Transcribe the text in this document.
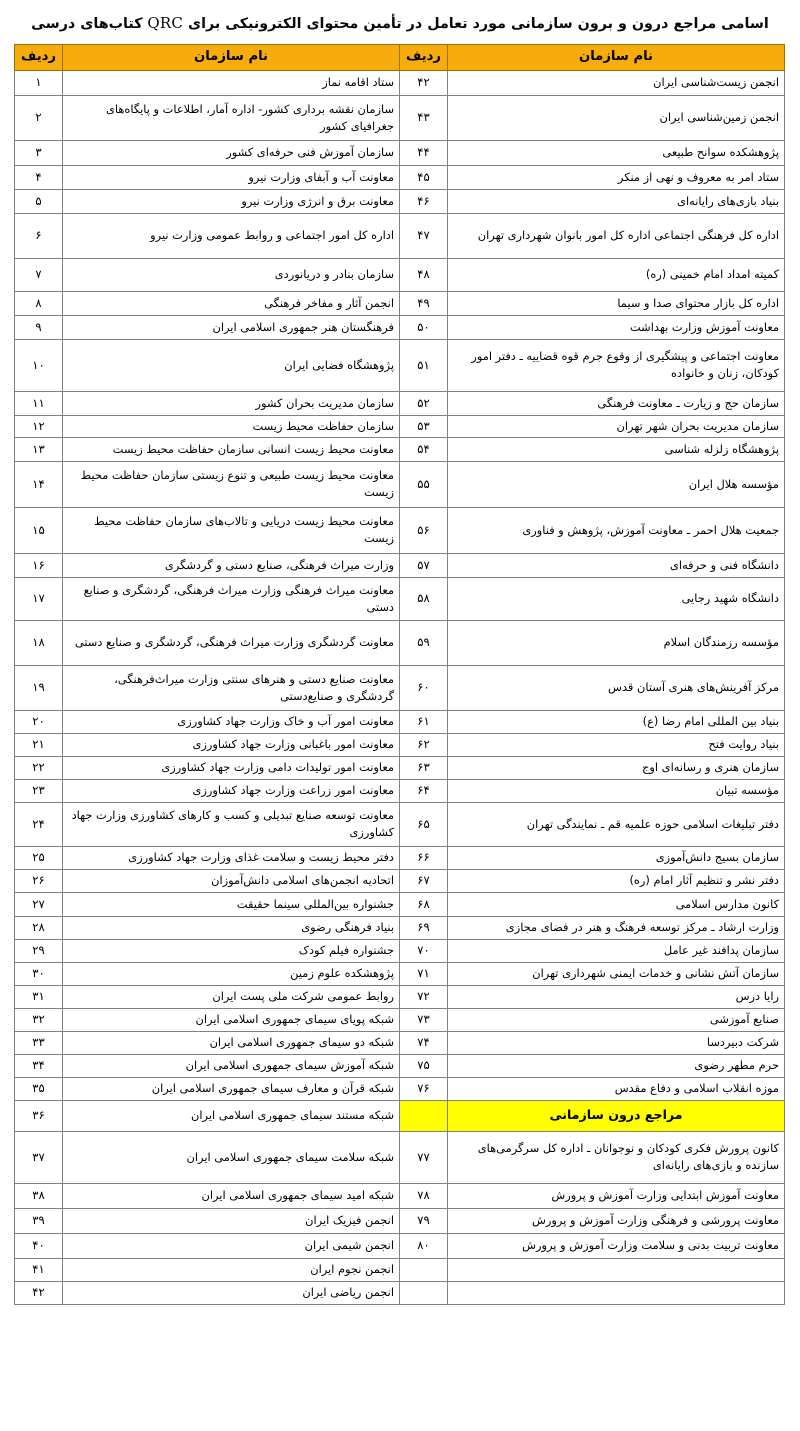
اسامی مراجع درون و برون سازمانی مورد تعامل در تأمین محتوای الکترونیکی برای QRC کتاب‌های درسی
نام سازمان	ردیف	نام سازمان	ردیف
انجمن زیست‌شناسی ایران	۴۲	ستاد اقامه نماز	۱
انجمن زمین‌شناسی ایران	۴۳	سازمان نقشه برداری کشور- اداره آمار، اطلاعات و پایگاه‌های جغرافیای کشور	۲
پژوهشکده سوانح طبیعی	۴۴	سازمان آموزش فنی حرفه‌ای کشور	۳
ستاد امر به معروف و نهی از منکر	۴۵	معاونت آب و آبفای وزارت نیرو	۴
بنیاد بازی‌های رایانه‌ای	۴۶	معاونت برق و انرژی وزارت نیرو	۵
اداره کل فرهنگی اجتماعی اداره کل امور بانوان شهرداری تهران	۴۷	اداره کل امور اجتماعی و روابط عمومی وزارت نیرو	۶
کمیته امداد امام خمینی (ره)	۴۸	سازمان بنادر و دریانوردی	۷
اداره کل بازار محتوای صدا و سیما	۴۹	انجمن آثار و مفاخر فرهنگی	۸
معاونت آموزش وزارت بهداشت	۵۰	فرهنگستان هنر جمهوری اسلامی ایران	۹
معاونت اجتماعی و پیشگیری از وقوع جرم قوه قضاییه ـ دفتر امور کودکان، زنان و خانواده	۵۱	پژوهشگاه فضایی ایران	۱۰
سازمان حج و زیارت ـ معاونت فرهنگی	۵۲	سازمان مدیریت بحران کشور	۱۱
سازمان مدیریت بحران شهر تهران	۵۳	سازمان حفاظت محیط زیست	۱۲
پژوهشگاه زلزله شناسی	۵۴	معاونت محیط زیست انسانی سازمان حفاظت محیط زیست	۱۳
مؤسسه هلال ایران	۵۵	معاونت محیط زیست طبیعی و تنوع زیستی سازمان حفاظت محیط زیست	۱۴
جمعیت هلال احمر ـ معاونت آموزش، پژوهش و فناوری	۵۶	معاونت محیط زیست دریایی و تالاب‌های سازمان حفاظت محیط زیست	۱۵
دانشگاه فنی و حرفه‌ای	۵۷	وزارت میراث فرهنگی، صنایع دستی و گردشگری	۱۶
دانشگاه شهید رجایی	۵۸	معاونت میراث فرهنگی وزارت میراث فرهنگی، گردشگری و صنایع دستی	۱۷
مؤسسه رزمندگان اسلام	۵۹	معاونت گردشگری وزارت میراث فرهنگی، گردشگری و صنایع دستی	۱۸
مرکز آفرینش‌های هنری آستان قدس	۶۰	معاونت صنایع دستی و هنرهای سنتی وزارت میراث‌فرهنگی، گردشگری و صنایع‌دستی	۱۹
بنیاد بین المللی امام رضا (ع)	۶۱	معاونت امور آب و خاک وزارت جهاد کشاورزی	۲۰
بنیاد روایت فتح	۶۲	معاونت امور باغبانی وزارت جهاد کشاورزی	۲۱
سازمان هنری و رسانه‌ای اوج	۶۳	معاونت امور تولیدات دامی وزارت جهاد کشاورزی	۲۲
مؤسسه تبیان	۶۴	معاونت امور زراعت وزارت جهاد کشاورزی	۲۳
دفتر تبلیغات اسلامی حوزه علمیه قم ـ نمایندگی تهران	۶۵	معاونت توسعه صنایع تبدیلی و کسب و کارهای کشاورزی وزارت جهاد کشاورزی	۲۴
سازمان بسیج دانش‌آموزی	۶۶	دفتر محیط زیست و سلامت غذای وزارت جهاد کشاورزی	۲۵
دفتر نشر و تنظیم آثار امام (ره)	۶۷	اتحادیه انجمن‌های اسلامی دانش‌آموزان	۲۶
کانون مدارس اسلامی	۶۸	جشنواره بین‌المللی سینما حقیقت	۲۷
وزارت ارشاد ـ مرکز توسعه فرهنگ و هنر در فضای مجازی	۶۹	بنیاد فرهنگی رضوی	۲۸
سازمان پدافند غیر عامل	۷۰	جشنواره فیلم کودک	۲۹
سازمان آتش نشانی و خدمات ایمنی شهرداری تهران	۷۱	پژوهشکده علوم زمین	۳۰
رایا درس	۷۲	روابط عمومی شرکت ملی پست ایران	۳۱
صنایع آموزشی	۷۳	شبکه پویای سیمای جمهوری اسلامی ایران	۳۲
شرکت دبیردسا	۷۴	شبکه دو سیمای جمهوری اسلامی ایران	۳۳
حرم مطهر رضوی	۷۵	شبکه آموزش سیمای جمهوری اسلامی ایران	۳۴
موزه انقلاب اسلامی و دفاع مقدس	۷۶	شبکه قرآن و معارف سیمای جمهوری اسلامی ایران	۳۵
مراجع درون سازمانی		شبکه مستند سیمای جمهوری اسلامی ایران	۳۶
کانون پرورش فکری کودکان و نوجوانان ـ اداره کل سرگرمی‌های سازنده و بازی‌های رایانه‌ای	۷۷	شبکه سلامت سیمای جمهوری اسلامی ایران	۳۷
معاونت آموزش ابتدایی وزارت آموزش و پرورش	۷۸	شبکه امید سیمای جمهوری اسلامی ایران	۳۸
معاونت پرورشی و فرهنگی وزارت آموزش و پرورش	۷۹	انجمن فیزیک ایران	۳۹
معاونت تربیت بدنی و سلامت وزارت آموزش و پرورش	۸۰	انجمن شیمی ایران	۴۰
		انجمن نجوم ایران	۴۱
		انجمن ریاضی ایران	۴۲
